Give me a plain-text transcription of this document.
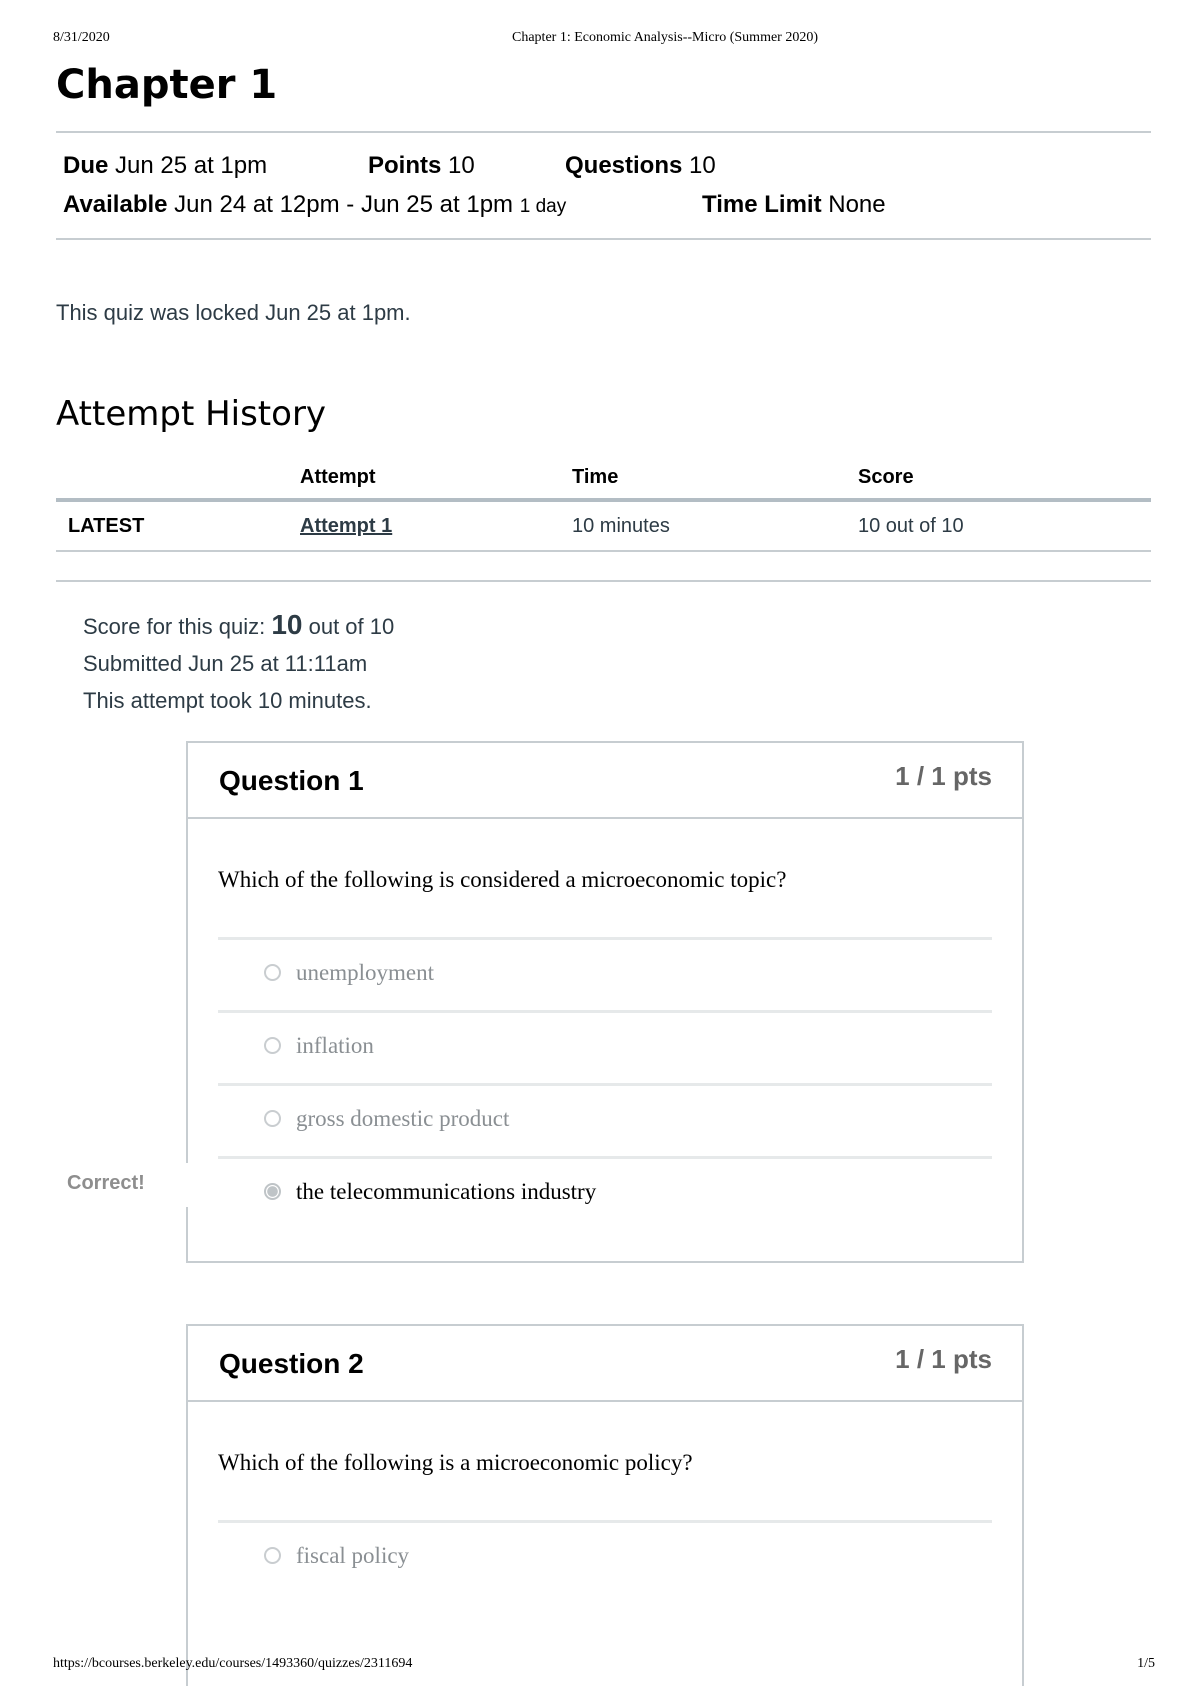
8/31/2020	Chapter 1: Economic Analysis--Micro (Summer 2020)
Chapter 1
Due Jun 25 at 1pm	Points 10	Questions 10
Available Jun 24 at 12pm - Jun 25 at 1pm 1 day	Time Limit None
This quiz was locked Jun 25 at 1pm.
Attempt History
	Attempt	Time	Score
LATEST	Attempt 1	10 minutes	10 out of 10
Score for this quiz: 10 out of 10
Submitted Jun 25 at 11:11am
This attempt took 10 minutes.
Question 1	1 / 1 pts
Which of the following is considered a microeconomic topic?
unemployment
inflation
gross domestic product
the telecommunications industry
Correct!
Question 2	1 / 1 pts
Which of the following is a microeconomic policy?
fiscal policy
https://bcourses.berkeley.edu/courses/1493360/quizzes/2311694	1/5
